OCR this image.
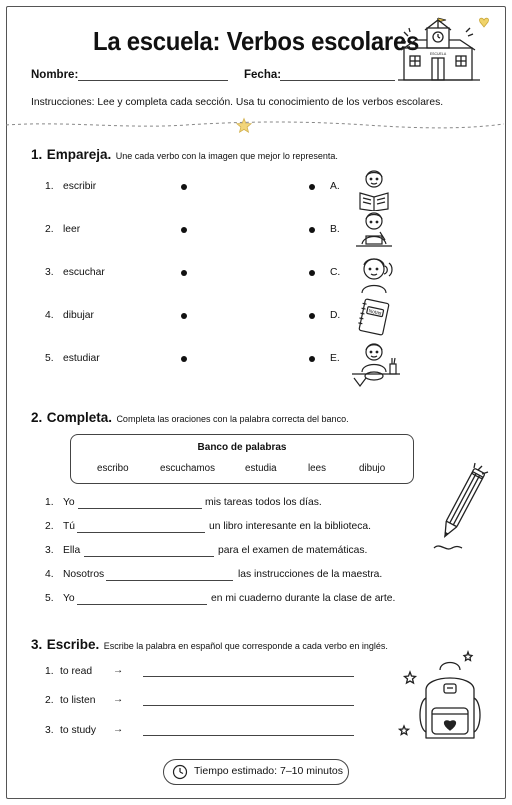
La escuela: Verbos escolares	ESCUELA
Nombre:	Fecha:
Instrucciones: Lee y completa cada sección. Usa tu conocimiento de los verbos escolares.
1. Empareja. Une cada verbo con la imagen que mejor lo representa.
1. escribir	A.
2. leer	B.
3. escuchar	C.
4. dibujar	D.
5. estudiar	E.
Notas
2. Completa. Completa las oraciones con la palabra correcta del banco.
Banco de palabras
escribo	escuchamos	estudia	lees	dibujo
1. Yo	mis tareas todos los días.
2. Tú	un libro interesante en la biblioteca.
3. Ella	para el examen de matemáticas.
4. Nosotros	las instrucciones de la maestra.
5. Yo	en mi cuaderno durante la clase de arte.
3. Escribe. Escribe la palabra en español que corresponde a cada verbo en inglés.
1. to read →
2. to listen →
3. to study →
Tiempo estimado: 7–10 minutos
